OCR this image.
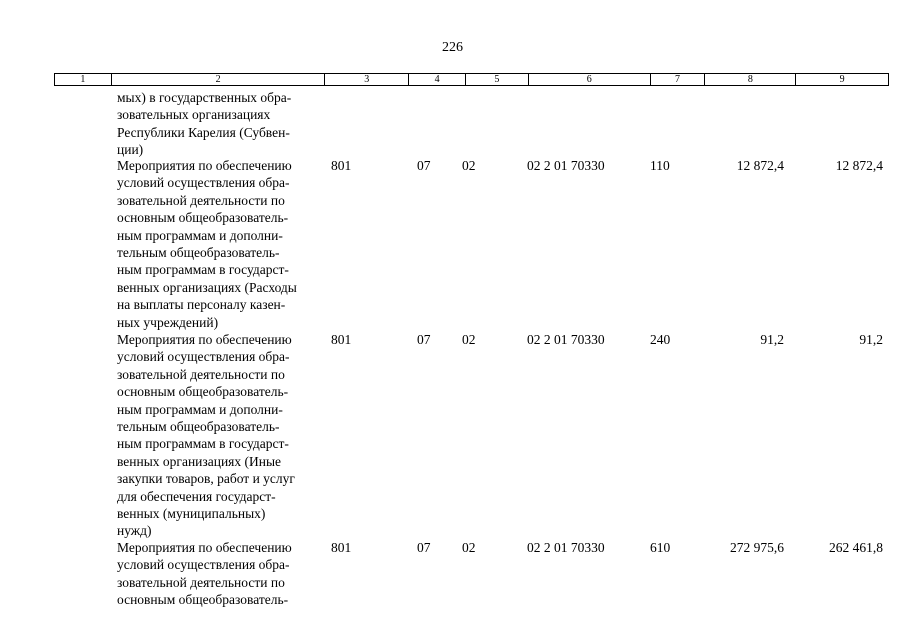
226
1	2	3	4	5	6	7	8	9
мых) в государственных обра-
зовательных организациях
Республики Карелия (Субвен-
ции)
Мероприятия по обеспечению
условий осуществления обра-
зовательной деятельности по
основным общеобразователь-
ным программам и дополни-
тельным общеобразователь-
ным программам в государст-
венных организациях (Расходы
на выплаты персоналу казен-
ных учреждений)
801	07 02	02 2 01 70330	110	12 872,4	12 872,4
Мероприятия по обеспечению
условий осуществления обра-
зовательной деятельности по
основным общеобразователь-
ным программам и дополни-
тельным общеобразователь-
ным программам в государст-
венных организациях (Иные
закупки товаров, работ и услуг
для обеспечения государст-
венных (муниципальных)
нужд)
801	07 02	02 2 01 70330	240	91,2	91,2
Мероприятия по обеспечению
условий осуществления обра-
зовательной деятельности по
основным общеобразователь-
801	07 02	02 2 01 70330	610	272 975,6	262 461,8
